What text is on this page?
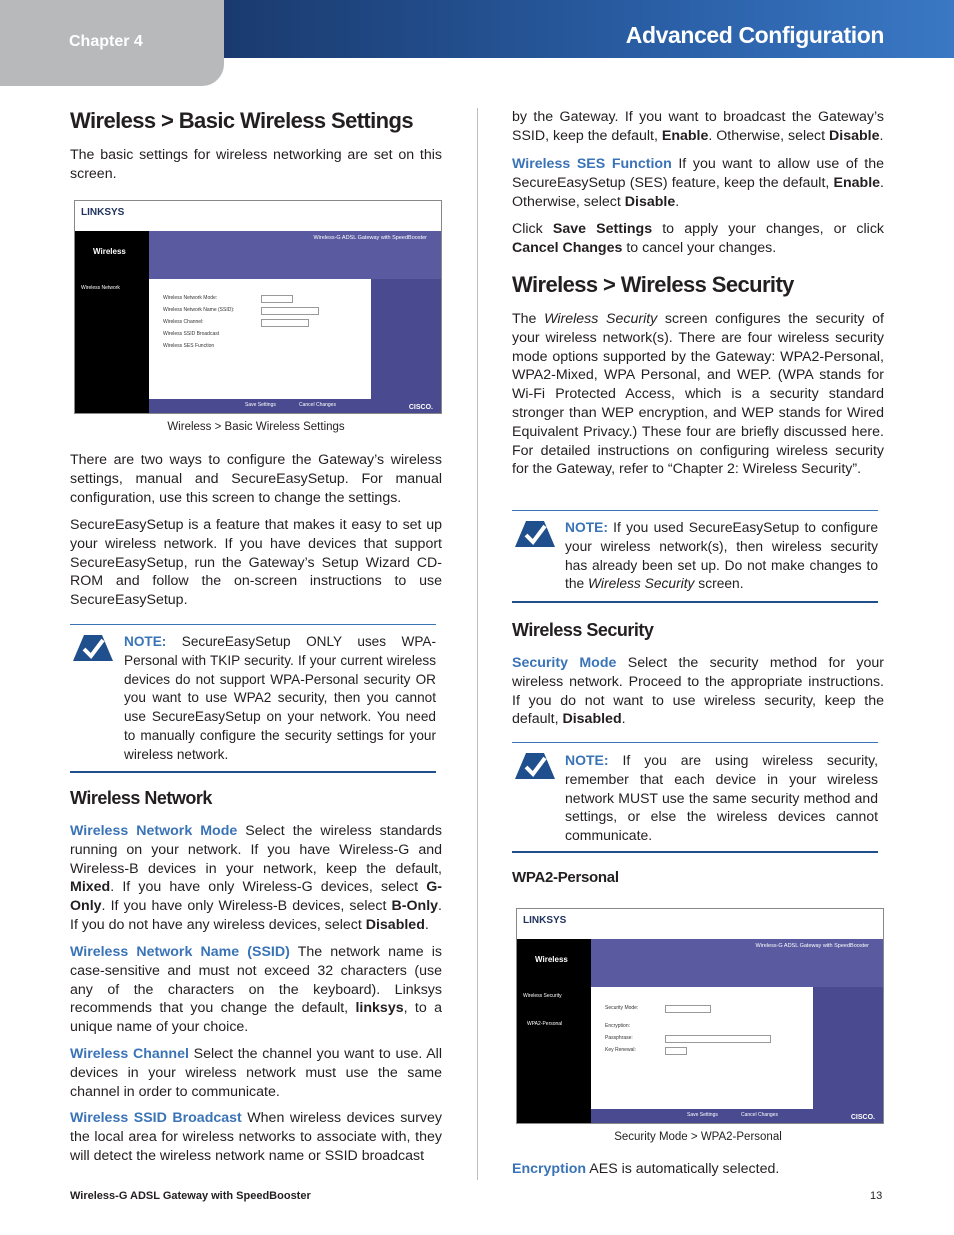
Chapter 4	Advanced Configuration
Wireless > Basic Wireless Settings

The basic settings for wireless networking are set on this screen.

LINKSYS
Wireless
Wireless-G ADSL Gateway with SpeedBooster
Wireless Network
Wireless Network Mode:
Wireless Network Name (SSID):
Wireless Channel:
Wireless SSID Broadcast
Wireless SES Function
Save Settings	Cancel Changes	CISCO.
Wireless > Basic Wireless Settings

There are two ways to configure the Gateway’s wireless settings, manual and SecureEasySetup. For manual configuration, use this screen to change the settings.

SecureEasySetup is a feature that makes it easy to set up your wireless network. If you have devices that support SecureEasySetup, run the Gateway’s Setup Wizard CD-ROM and follow the on-screen instructions to use SecureEasySetup.

NOTE: SecureEasySetup ONLY uses WPA-Personal with TKIP security. If your current wireless devices do not support WPA-Personal security OR you want to use WPA2 security, then you cannot use SecureEasySetup on your network. You need to manually configure the security settings for your wireless network.

Wireless Network

Wireless Network Mode Select the wireless standards running on your network. If you have Wireless-G and Wireless-B devices in your network, keep the default, Mixed. If you have only Wireless-G devices, select G-Only. If you have only Wireless-B devices, select B-Only. If you do not have any wireless devices, select Disabled.

Wireless Network Name (SSID) The network name is case-sensitive and must not exceed 32 characters (use any of the characters on the keyboard). Linksys recommends that you change the default, linksys, to a unique name of your choice.

Wireless Channel Select the channel you want to use. All devices in your wireless network must use the same channel in order to communicate.

Wireless SSID Broadcast When wireless devices survey the local area for wireless networks to associate with, they will detect the wireless network name or SSID broadcast

by the Gateway. If you want to broadcast the Gateway’s SSID, keep the default, Enable. Otherwise, select Disable.

Wireless SES Function If you want to allow use of the SecureEasySetup (SES) feature, keep the default, Enable. Otherwise, select Disable.

Click Save Settings to apply your changes, or click Cancel Changes to cancel your changes.

Wireless > Wireless Security

The Wireless Security screen configures the security of your wireless network(s). There are four wireless security mode options supported by the Gateway: WPA2-Personal, WPA2-Mixed, WPA Personal, and WEP. (WPA stands for Wi-Fi Protected Access, which is a security standard stronger than WEP encryption, and WEP stands for Wired Equivalent Privacy.) These four are briefly discussed here. For detailed instructions on configuring wireless security for the Gateway, refer to “Chapter 2: Wireless Security”.

NOTE: If you used SecureEasySetup to configure your wireless network(s), then wireless security has already been set up. Do not make changes to the Wireless Security screen.

Wireless Security

Security Mode Select the security method for your wireless network. Proceed to the appropriate instructions. If you do not want to use wireless security, keep the default, Disabled.

NOTE: If you are using wireless security, remember that each device in your wireless network MUST use the same security method and settings, or else the wireless devices cannot communicate.

WPA2-Personal
LINKSYS
Wireless
Wireless-G ADSL Gateway with SpeedBooster
Wireless Security
WPA2-Personal
Security Mode:
Encryption:
Passphrase:
Key Renewal:
Save Settings	Cancel Changes	CISCO.
Security Mode > WPA2-Personal

Encryption AES is automatically selected.

Wireless-G ADSL Gateway with SpeedBooster	13
